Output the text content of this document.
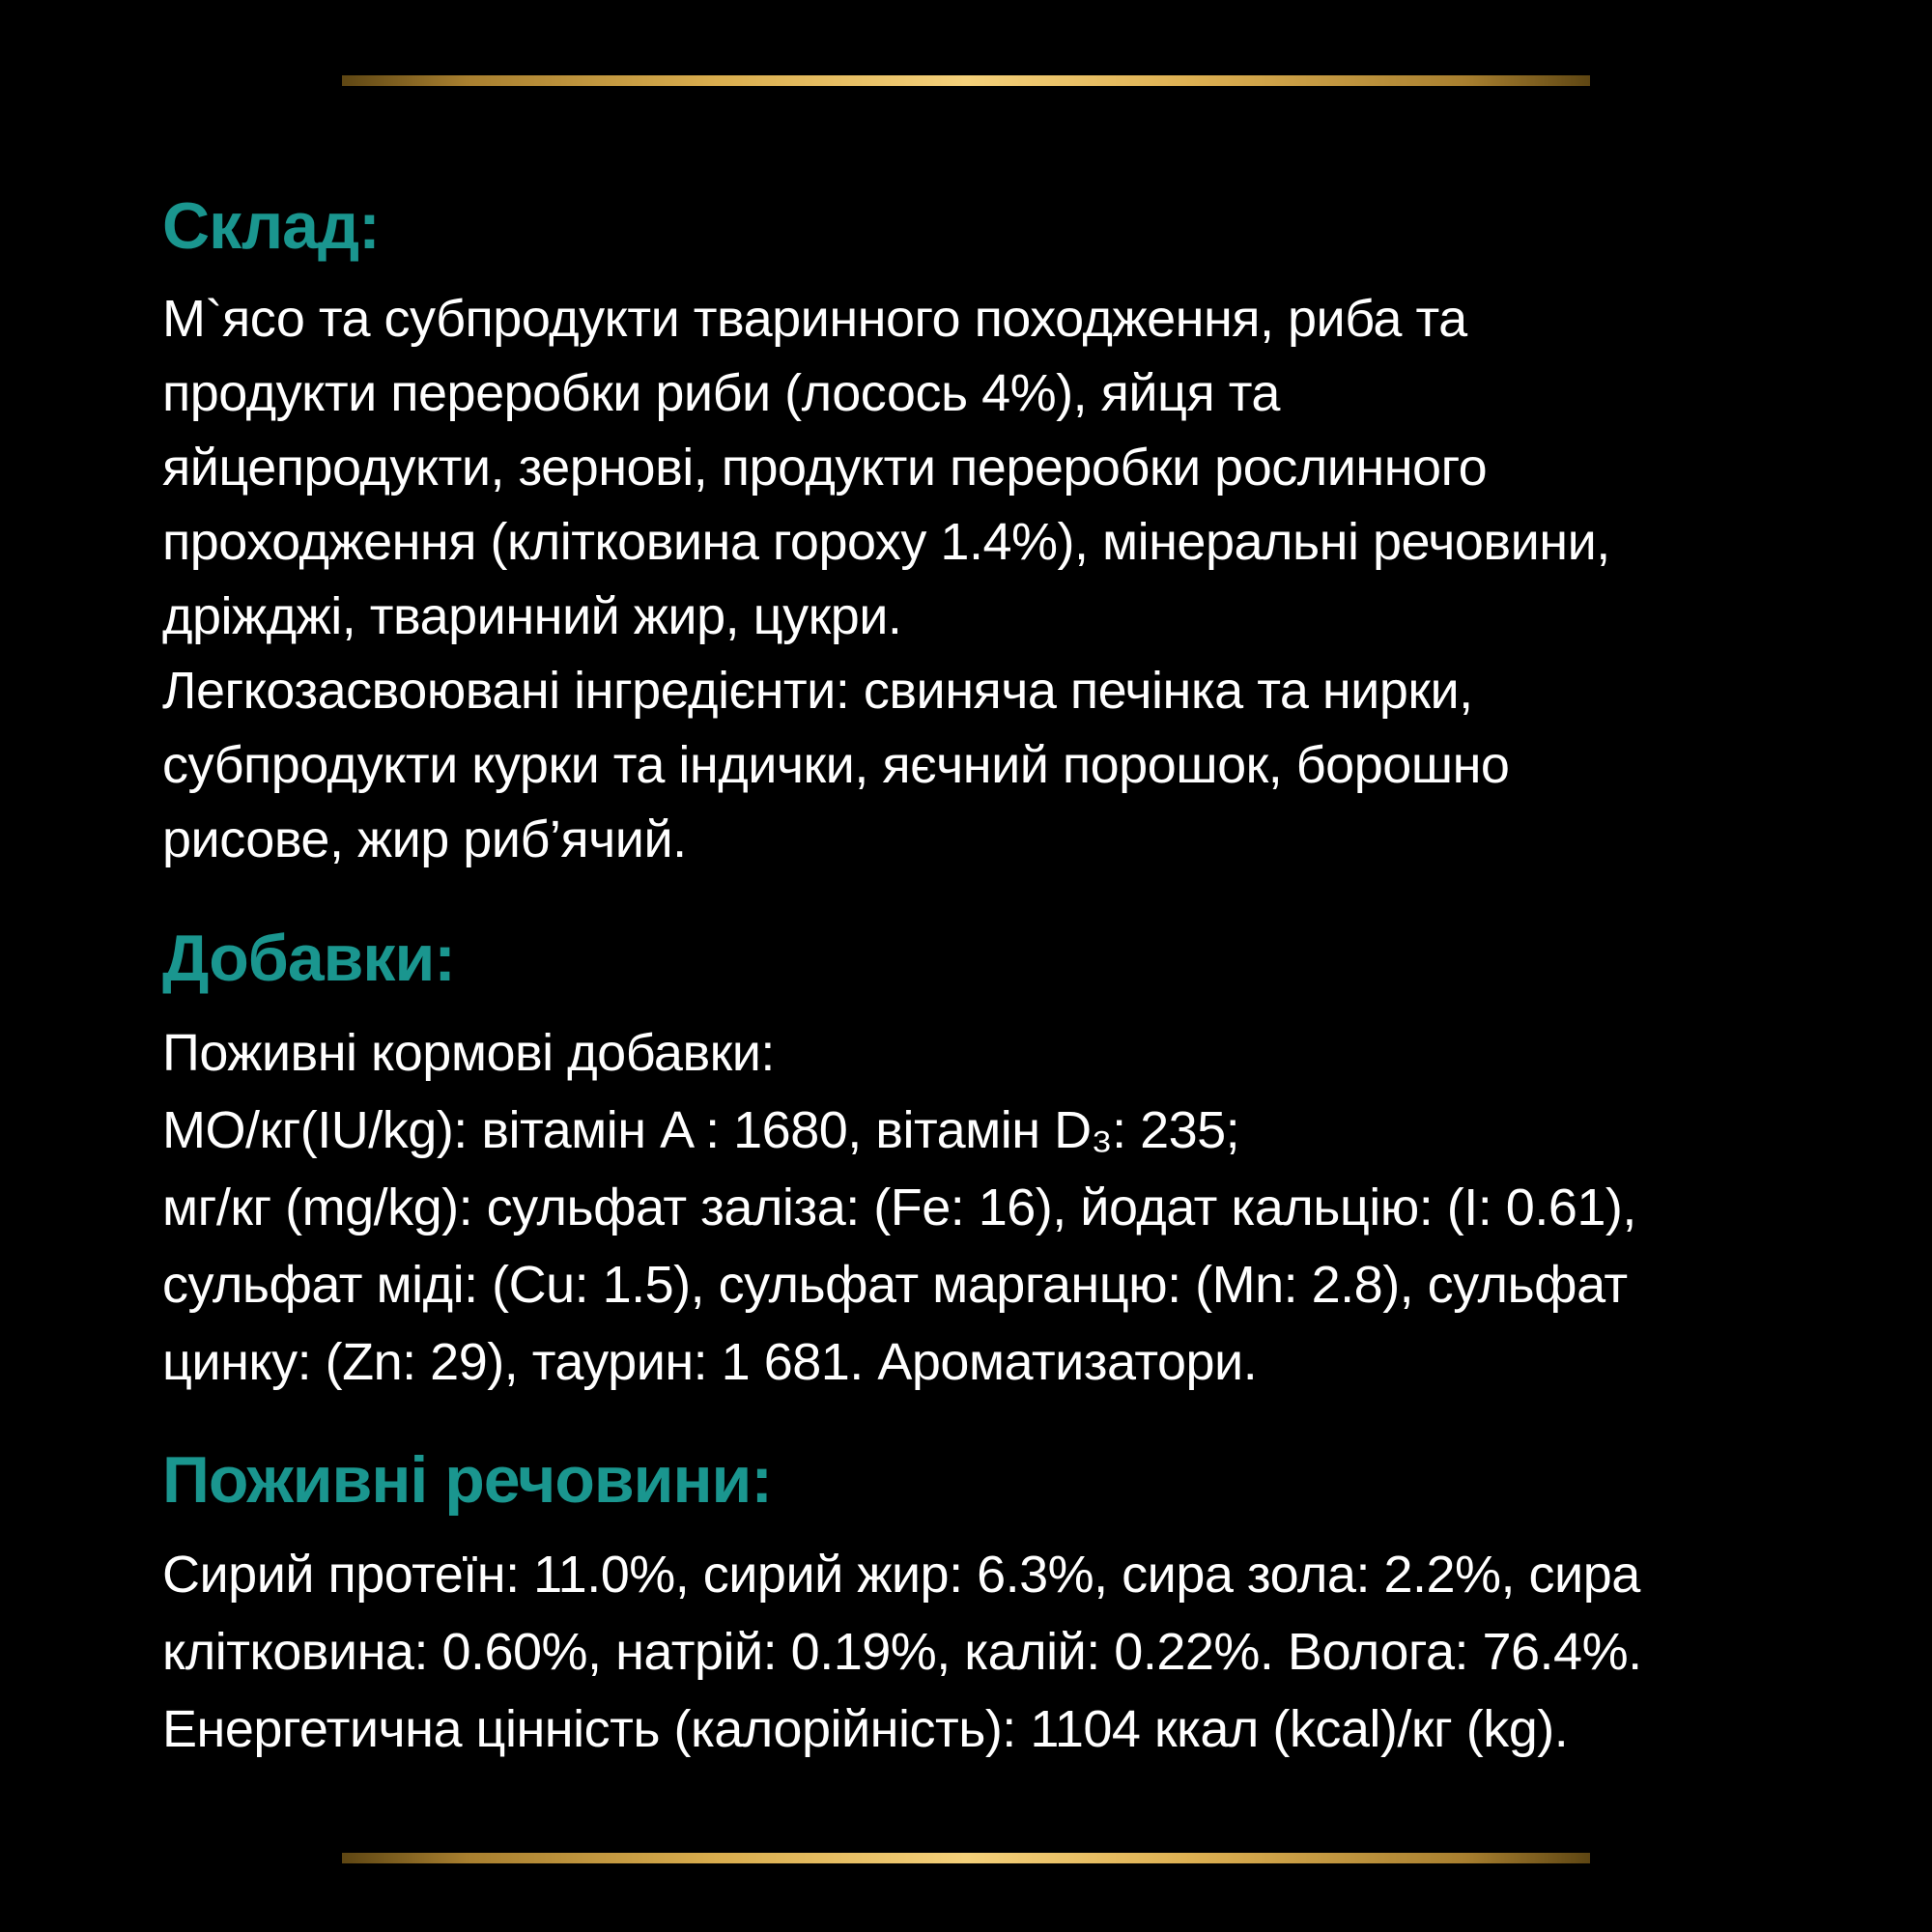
Склад:
М`ясо та субпродукти тваринного походження, риба та
продукти переробки риби (лосось 4%), яйця та
яйцепродукти, зернові, продукти переробки рослинного
проходження (клітковина гороху 1.4%), мінеральні речовини,
дріжджі, тваринний жир, цукри.
Легкозасвоювані інгредієнти: свиняча печінка та нирки,
субпродукти курки та індички, яєчний порошок, борошно
рисове, жир риб’ячий.
Добавки:
Поживні кормові добавки:
МО/кг(IU/kg): вітамін A : 1680, вітамін D₃: 235;
мг/кг (mg/kg): сульфат заліза: (Fe: 16), йодат кальцію: (I: 0.61),
сульфат міді: (Cu: 1.5), сульфат марганцю: (Mn: 2.8), сульфат
цинку: (Zn: 29), таурин: 1 681. Ароматизатори.
Поживні речовини:
Сирий протеїн: 11.0%, сирий жир: 6.3%, сира зола: 2.2%, сира
клітковина: 0.60%, натрій: 0.19%, калій: 0.22%. Волога: 76.4%.
Енергетична цінність (калорійність): 1104 ккал (kcal)/кг (kg).
